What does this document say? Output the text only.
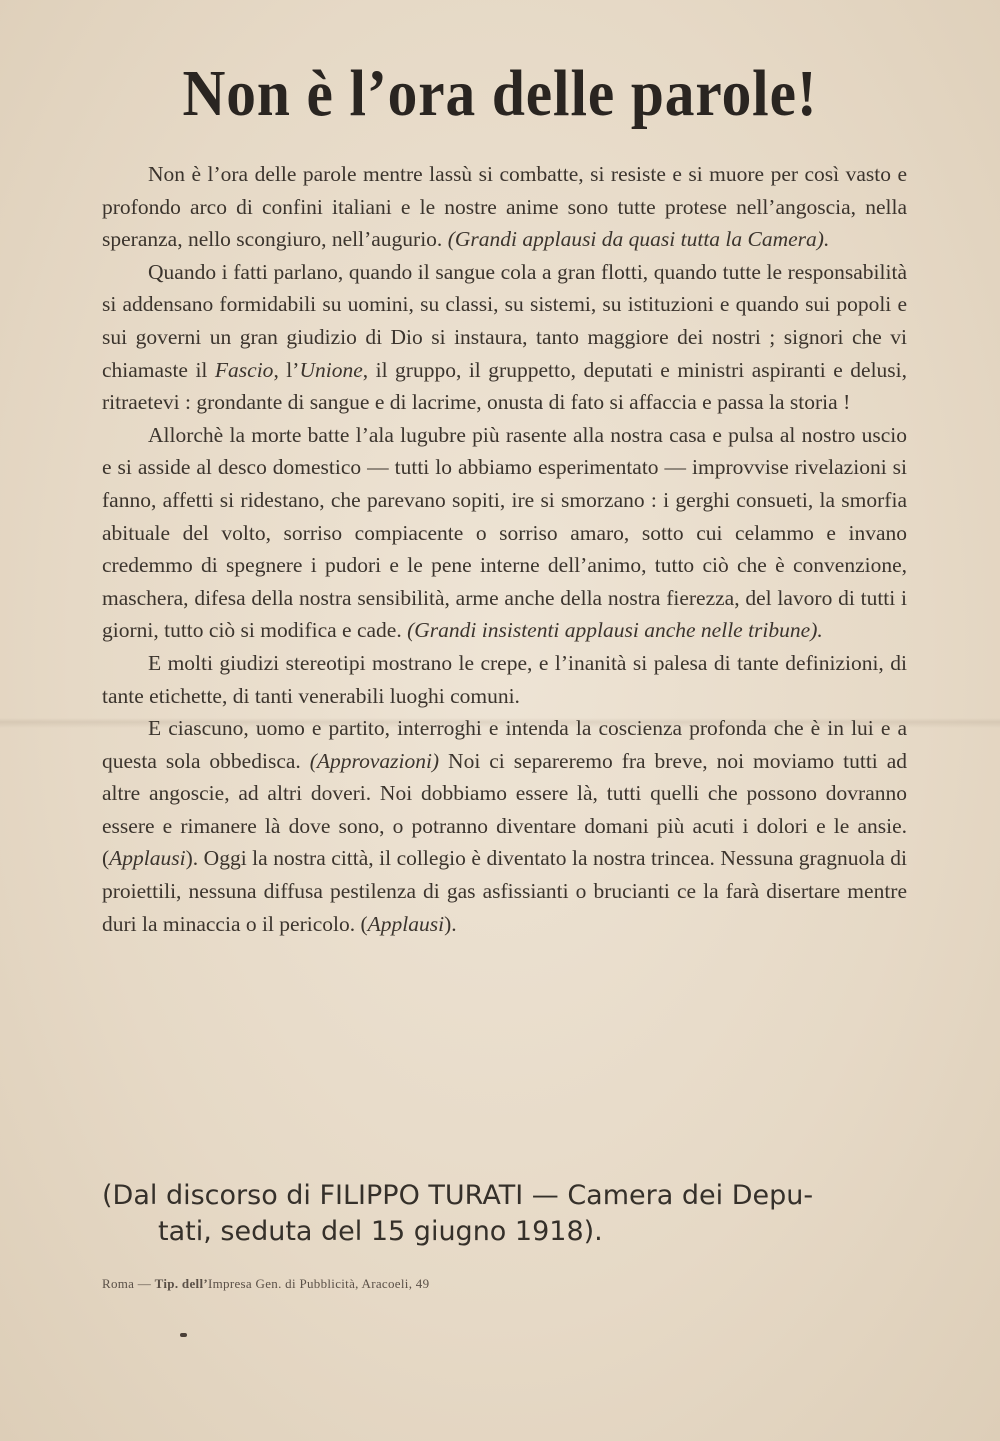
Non è l’ora delle parole!

Non è l’ora delle parole mentre lassù si combatte, si resiste e si muore per così vasto e profondo arco di confini italiani e le nostre anime sono tutte protese nell’angoscia, nella speranza, nello scongiuro, nell’augurio. (Grandi applausi da quasi tutta la Camera).

Quando i fatti parlano, quando il sangue cola a gran flotti, quando tutte le responsabilità si addensano formidabili su uomini, su classi, su sistemi, su istituzioni e quando sui popoli e sui governi un gran giudizio di Dio si instaura, tanto maggiore dei nostri ; signori che vi chiamaste il Fascio, l’Unione, il gruppo, il gruppetto, deputati e ministri aspiranti e delusi, ritraetevi : grondante di sangue e di lacrime, onusta di fato si affaccia e passa la storia !

Allorchè la morte batte l’ala lugubre più rasente alla nostra casa e pulsa al nostro uscio e si asside al desco domestico — tutti lo abbiamo esperimentato — improvvise rivelazioni si fanno, affetti si ridestano, che parevano sopiti, ire si smorzano : i gerghi consueti, la smorfia abituale del volto, sorriso compiacente o sorriso amaro, sotto cui celammo e invano credemmo di spegnere i pudori e le pene interne dell’animo, tutto ciò che è convenzione, maschera, difesa della nostra sensibilità, arme anche della nostra fierezza, del lavoro di tutti i giorni, tutto ciò si modifica e cade. (Grandi insistenti applausi anche nelle tribune).

E molti giudizi stereotipi mostrano le crepe, e l’inanità si palesa di tante definizioni, di tante etichette, di tanti venerabili luoghi comuni.

E ciascuno, uomo e partito, interroghi e intenda la coscienza profonda che è in lui e a questa sola obbedisca. (Approvazioni) Noi ci separeremo fra breve, noi moviamo tutti ad altre angoscie, ad altri doveri. Noi dobbiamo essere là, tutti quelli che possono dovranno essere e rimanere là dove sono, o potranno diventare domani più acuti i dolori e le ansie. (Applausi). Oggi la nostra città, il collegio è diventato la nostra trincea. Nessuna gragnuola di proiettili, nessuna diffusa pestilenza di gas asfissianti o brucianti ce la farà disertare mentre duri la minaccia o il pericolo. (Applausi).

(Dal discorso di FILIPPO TURATI — Camera dei Depu-
tati, seduta del 15 giugno 1918).
Roma — Tip. dell’Impresa Gen. di Pubblicità, Aracoeli, 49
